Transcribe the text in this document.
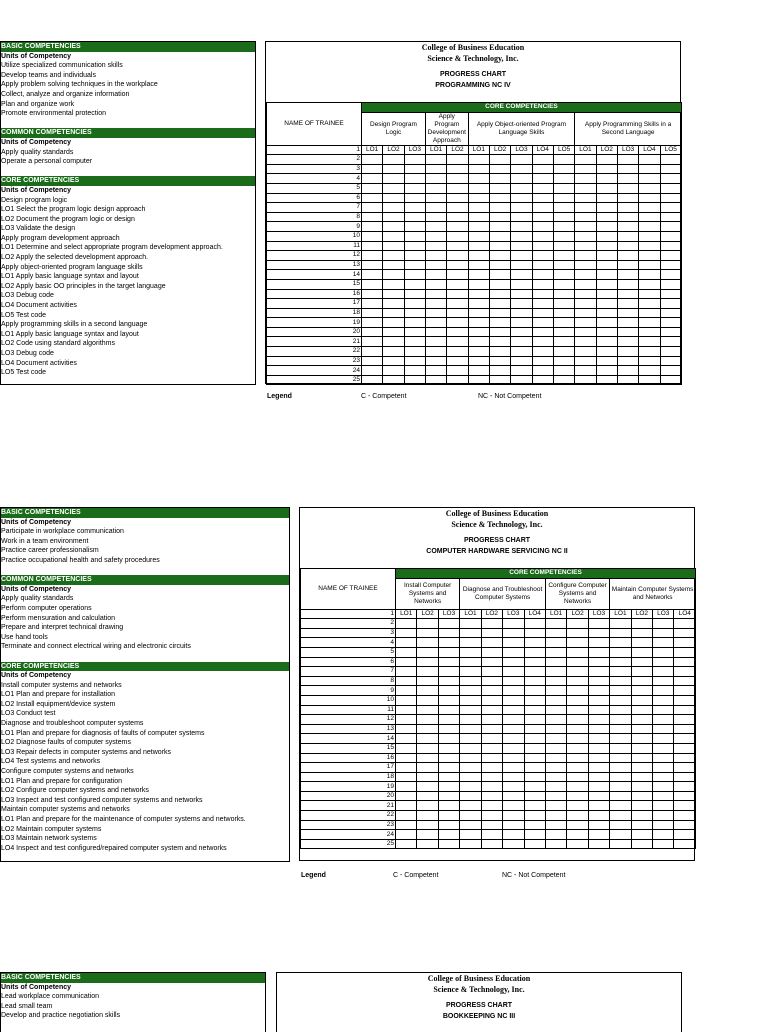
BASIC COMPETENCIES
Units of Competency
Utilize specialized communication skills
Develop teams and individuals
Apply problem solving techniques in the workplace
Collect, analyze and organize information
Plan and organize work
Promote environmental protection
COMMON COMPETENCIES
Units of Competency
Apply quality standards
Operate a personal computer
CORE COMPETENCIES
Units of Competency
Design program logic
LO1 Select the program logic design approach
LO2 Document the program logic or design
LO3 Validate the design
Apply program development approach
LO1 Determine and select appropriate program development approach.
LO2 Apply the selected development approach.
Apply object-oriented program language skills
LO1 Apply basic language syntax and layout
LO2 Apply basic OO principles in the target language
LO3 Debug code
LO4 Document activities
LO5 Test code
Apply programming skills in a second language
LO1 Apply basic language syntax and layout
LO2 Code using standard algorithms
LO3 Debug code
LO4 Document activities
LO5 Test code
College of Business Education
Science & Technology, Inc.
PROGRESS CHART
PROGRAMMING NC IV
NAME OF TRAINEE	CORE COMPETENCIES														
	Design Program Logic			Apply Program Development Approach		Apply Object-oriented Program Language Skills					Apply Programming Skills in a Second Language				
1	LO1	LO2	LO3	LO1	LO2	LO1	LO2	LO3	LO4	LO5	LO1	LO2	LO3	LO4	LO5
2															
3															
4															
5															
6															
7															
8															
9															
10															
11															
12															
13															
14															
15															
16															
17															
18															
19															
20															
21															
22															
23															
24															
25															
Legend	C - Competent	NC - Not Competent
BASIC COMPETENCIES
Units of Competency
Participate in workplace communication
Work in a team environment
Practice career professionalism
Practice occupational health and safety procedures
COMMON COMPETENCIES
Units of Competency
Apply quality standards
Perform computer operations
Perform mensuration and calculation
Prepare and interpret technical drawing
Use hand tools
Terminate and connect electrical wiring and electronic circuits
CORE COMPETENCIES
Units of Competency
Install computer systems and networks
LO1 Plan and prepare for installation
LO2 Install equipment/device system
LO3 Conduct test
Diagnose and troubleshoot computer systems
LO1 Plan and prepare for diagnosis of faults of computer systems
LO2 Diagnose faults of computer systems
LO3 Repair defects in computer systems and networks
LO4 Test systems and networks
Configure computer systems and networks
LO1 Plan and prepare for configuration
LO2 Configure computer systems and networks
LO3 Inspect and test configured computer systems and networks
Maintain computer systems and networks
LO1 Plan and prepare for the maintenance of computer systems and networks.
LO2 Maintain computer systems
LO3 Maintain network systems
LO4 Inspect and test configured/repaired computer system and networks
College of Business Education
Science & Technology, Inc.
PROGRESS CHART
COMPUTER HARDWARE SERVICING NC II
NAME OF TRAINEE	CORE COMPETENCIES													
	Install Computer Systems and Networks			Diagnose and Troubleshoot Computer Systems				Configure Computer Systems and Networks			Maintain Computer Systems and Networks			
1	LO1	LO2	LO3	LO1	LO2	LO3	LO4	LO1	LO2	LO3	LO1	LO2	LO3	LO4
2														
3														
4														
5														
6														
7														
8														
9														
10														
11														
12														
13														
14														
15														
16														
17														
18														
19														
20														
21														
22														
23														
24														
25														
Legend	C - Competent	NC - Not Competent
BASIC COMPETENCIES
Units of Competency
Lead workplace communication
Lead small team
Develop and practice negotiation skills
College of Business Education
Science & Technology, Inc.
PROGRESS CHART
BOOKKEEPING NC III
